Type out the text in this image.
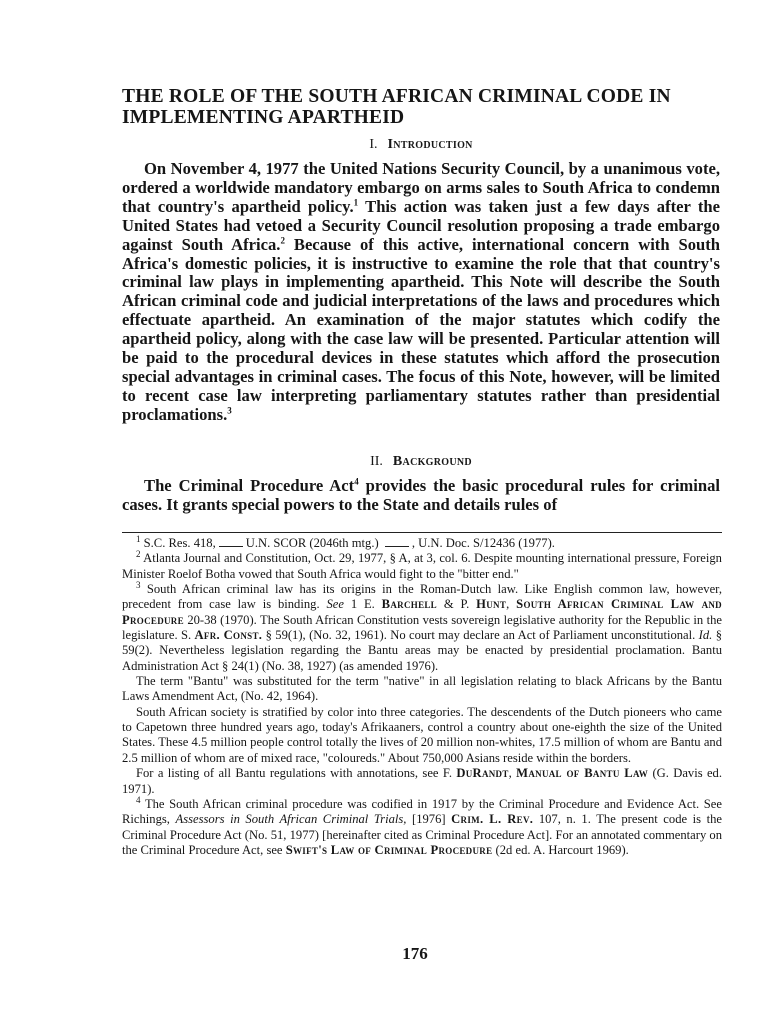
THE ROLE OF THE SOUTH AFRICAN CRIMINAL CODE IN IMPLEMENTING APARTHEID
I. Introduction

On November 4, 1977 the United Nations Security Council, by a unanimous vote, ordered a worldwide mandatory embargo on arms sales to South Africa to condemn that country's apartheid policy.$^1$ This action was taken just a few days after the United States had vetoed a Security Council resolution proposing a trade embargo against South Africa.$^2$ Because of this active, international concern with South Africa's domestic policies, it is instructive to examine the role that that country's criminal law plays in implementing apartheid. This Note will describe the South African criminal code and judicial interpretations of the laws and procedures which effectuate apartheid. An examination of the major statutes which codify the apartheid policy, along with the case law will be presented. Particular attention will be paid to the procedural devices in these statutes which afford the prosecution special advantages in criminal cases. The focus of this Note, however, will be limited to recent case law interpreting parliamentary statutes rather than presidential proclamations.$^3$

II. Background

The Criminal Procedure Act$^4$ provides the basic procedural rules for criminal cases. It grants special powers to the State and details rules of

$^1$ S.C. Res. 418, U.N. SCOR (2046th mtg.)	, U.N. Doc. S/12436 (1977).

$^2$ Atlanta Journal and Constitution, Oct. 29, 1977, § A, at 3, col. 6. Despite mounting international pressure, Foreign Minister Roelof Botha vowed that South Africa would fight to the "bitter end."

$^3$ South African criminal law has its origins in the Roman-Dutch law. Like English common law, however, precedent from case law is binding. See 1 E. Barchell & P. Hunt, South African Criminal Law and Procedure 20-38 (1970). The South African Constitution vests sovereign legislative authority for the Republic in the legislature. S. Afr. Const. § 59(1), (No. 32, 1961). No court may declare an Act of Parliament unconstitutional. Id. § 59(2). Nevertheless legislation regarding the Bantu areas may be enacted by presidential proclamation. Bantu Administration Act § 24(1) (No. 38, 1927) (as amended 1976).

The term "Bantu" was substituted for the term "native" in all legislation relating to black Africans by the Bantu Laws Amendment Act, (No. 42, 1964).

South African society is stratified by color into three categories. The descendents of the Dutch pioneers who came to Capetown three hundred years ago, today's Afrikaaners, control a country about one-eighth the size of the United States. These 4.5 million people control totally the lives of 20 million non-whites, 17.5 million of whom are Bantu and 2.5 million of whom are of mixed race, "coloureds." About 750,000 Asians reside within the borders.

For a listing of all Bantu regulations with annotations, see F. DuRandt, Manual of Bantu Law (G. Davis ed. 1971).

$^4$ The South African criminal procedure was codified in 1917 by the Criminal Procedure and Evidence Act. See Richings, Assessors in South African Criminal Trials, [1976] Crim. L. Rev. 107, n. 1. The present code is the Criminal Procedure Act (No. 51, 1977) [hereinafter cited as Criminal Procedure Act]. For an annotated commentary on the Criminal Procedure Act, see Swift's Law of Criminal Procedure (2d ed. A. Harcourt 1969).

176
